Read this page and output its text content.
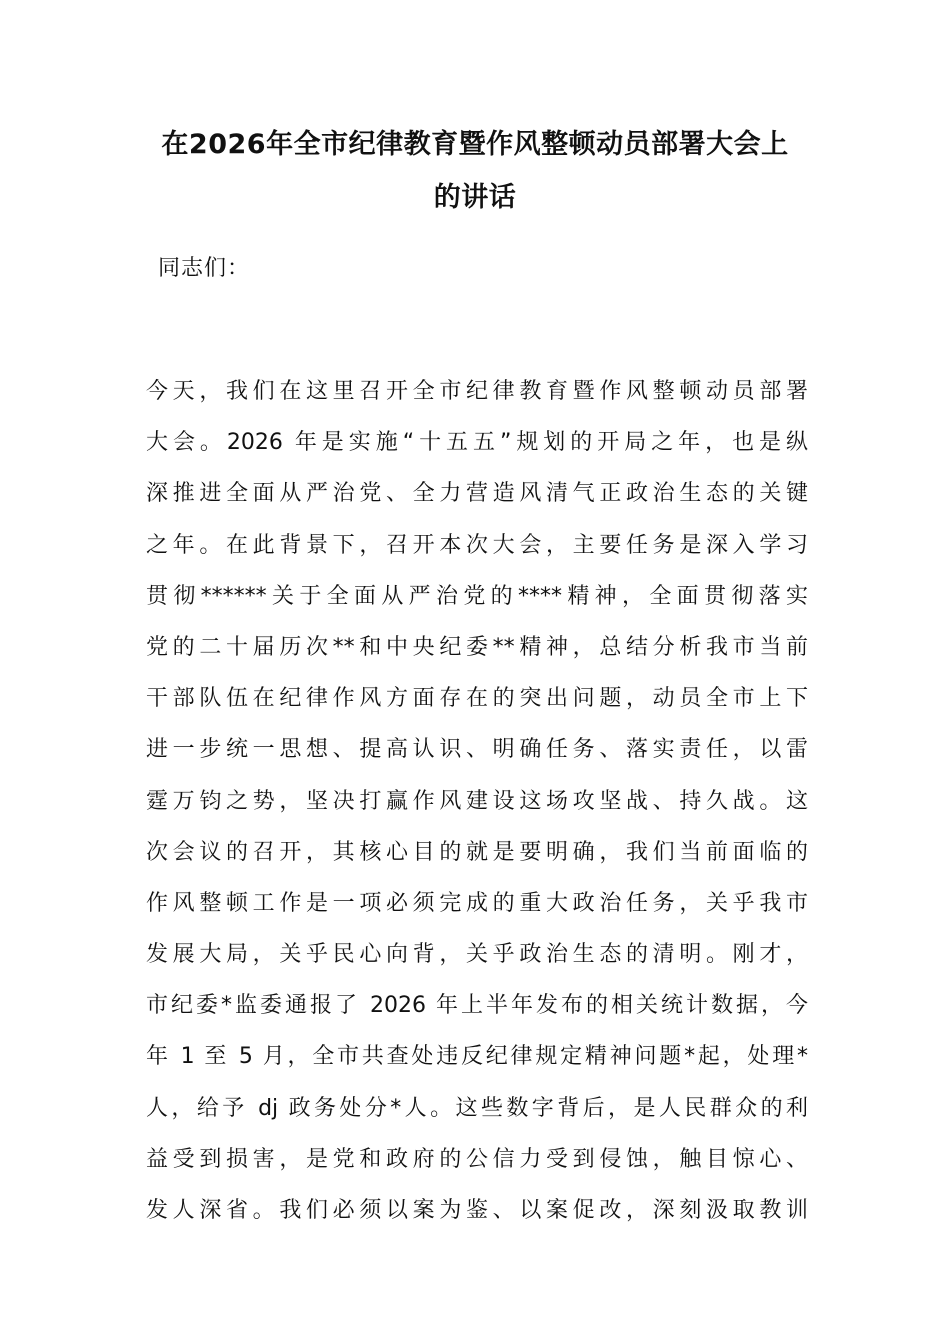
在2026年全市纪律教育暨作风整顿动员部署大会上
的讲话
同志们：
今天，我们在这里召开全市纪律教育暨作风整顿动员部署
大会。2026 年是实施“十五五”规划的开局之年，也是纵
深推进全面从严治党、全力营造风清气正政治生态的关键
之年。在此背景下，召开本次大会，主要任务是深入学习
贯彻******关于全面从严治党的****精神，全面贯彻落实
党的二十届历次**和中央纪委**精神，总结分析我市当前
干部队伍在纪律作风方面存在的突出问题，动员全市上下
进一步统一思想、提高认识、明确任务、落实责任，以雷
霆万钧之势，坚决打赢作风建设这场攻坚战、持久战。这
次会议的召开，其核心目的就是要明确，我们当前面临的
作风整顿工作是一项必须完成的重大政治任务，关乎我市
发展大局，关乎民心向背，关乎政治生态的清明。刚才，
市纪委*监委通报了 2026 年上半年发布的相关统计数据，今
年 1 至 5 月，全市共查处违反纪律规定精神问题*起，处理*
人，给予 dj 政务处分*人。这些数字背后，是人民群众的利
益受到损害，是党和政府的公信力受到侵蚀，触目惊心、
发人深省。我们必须以案为鉴、以案促改，深刻汲取教训
